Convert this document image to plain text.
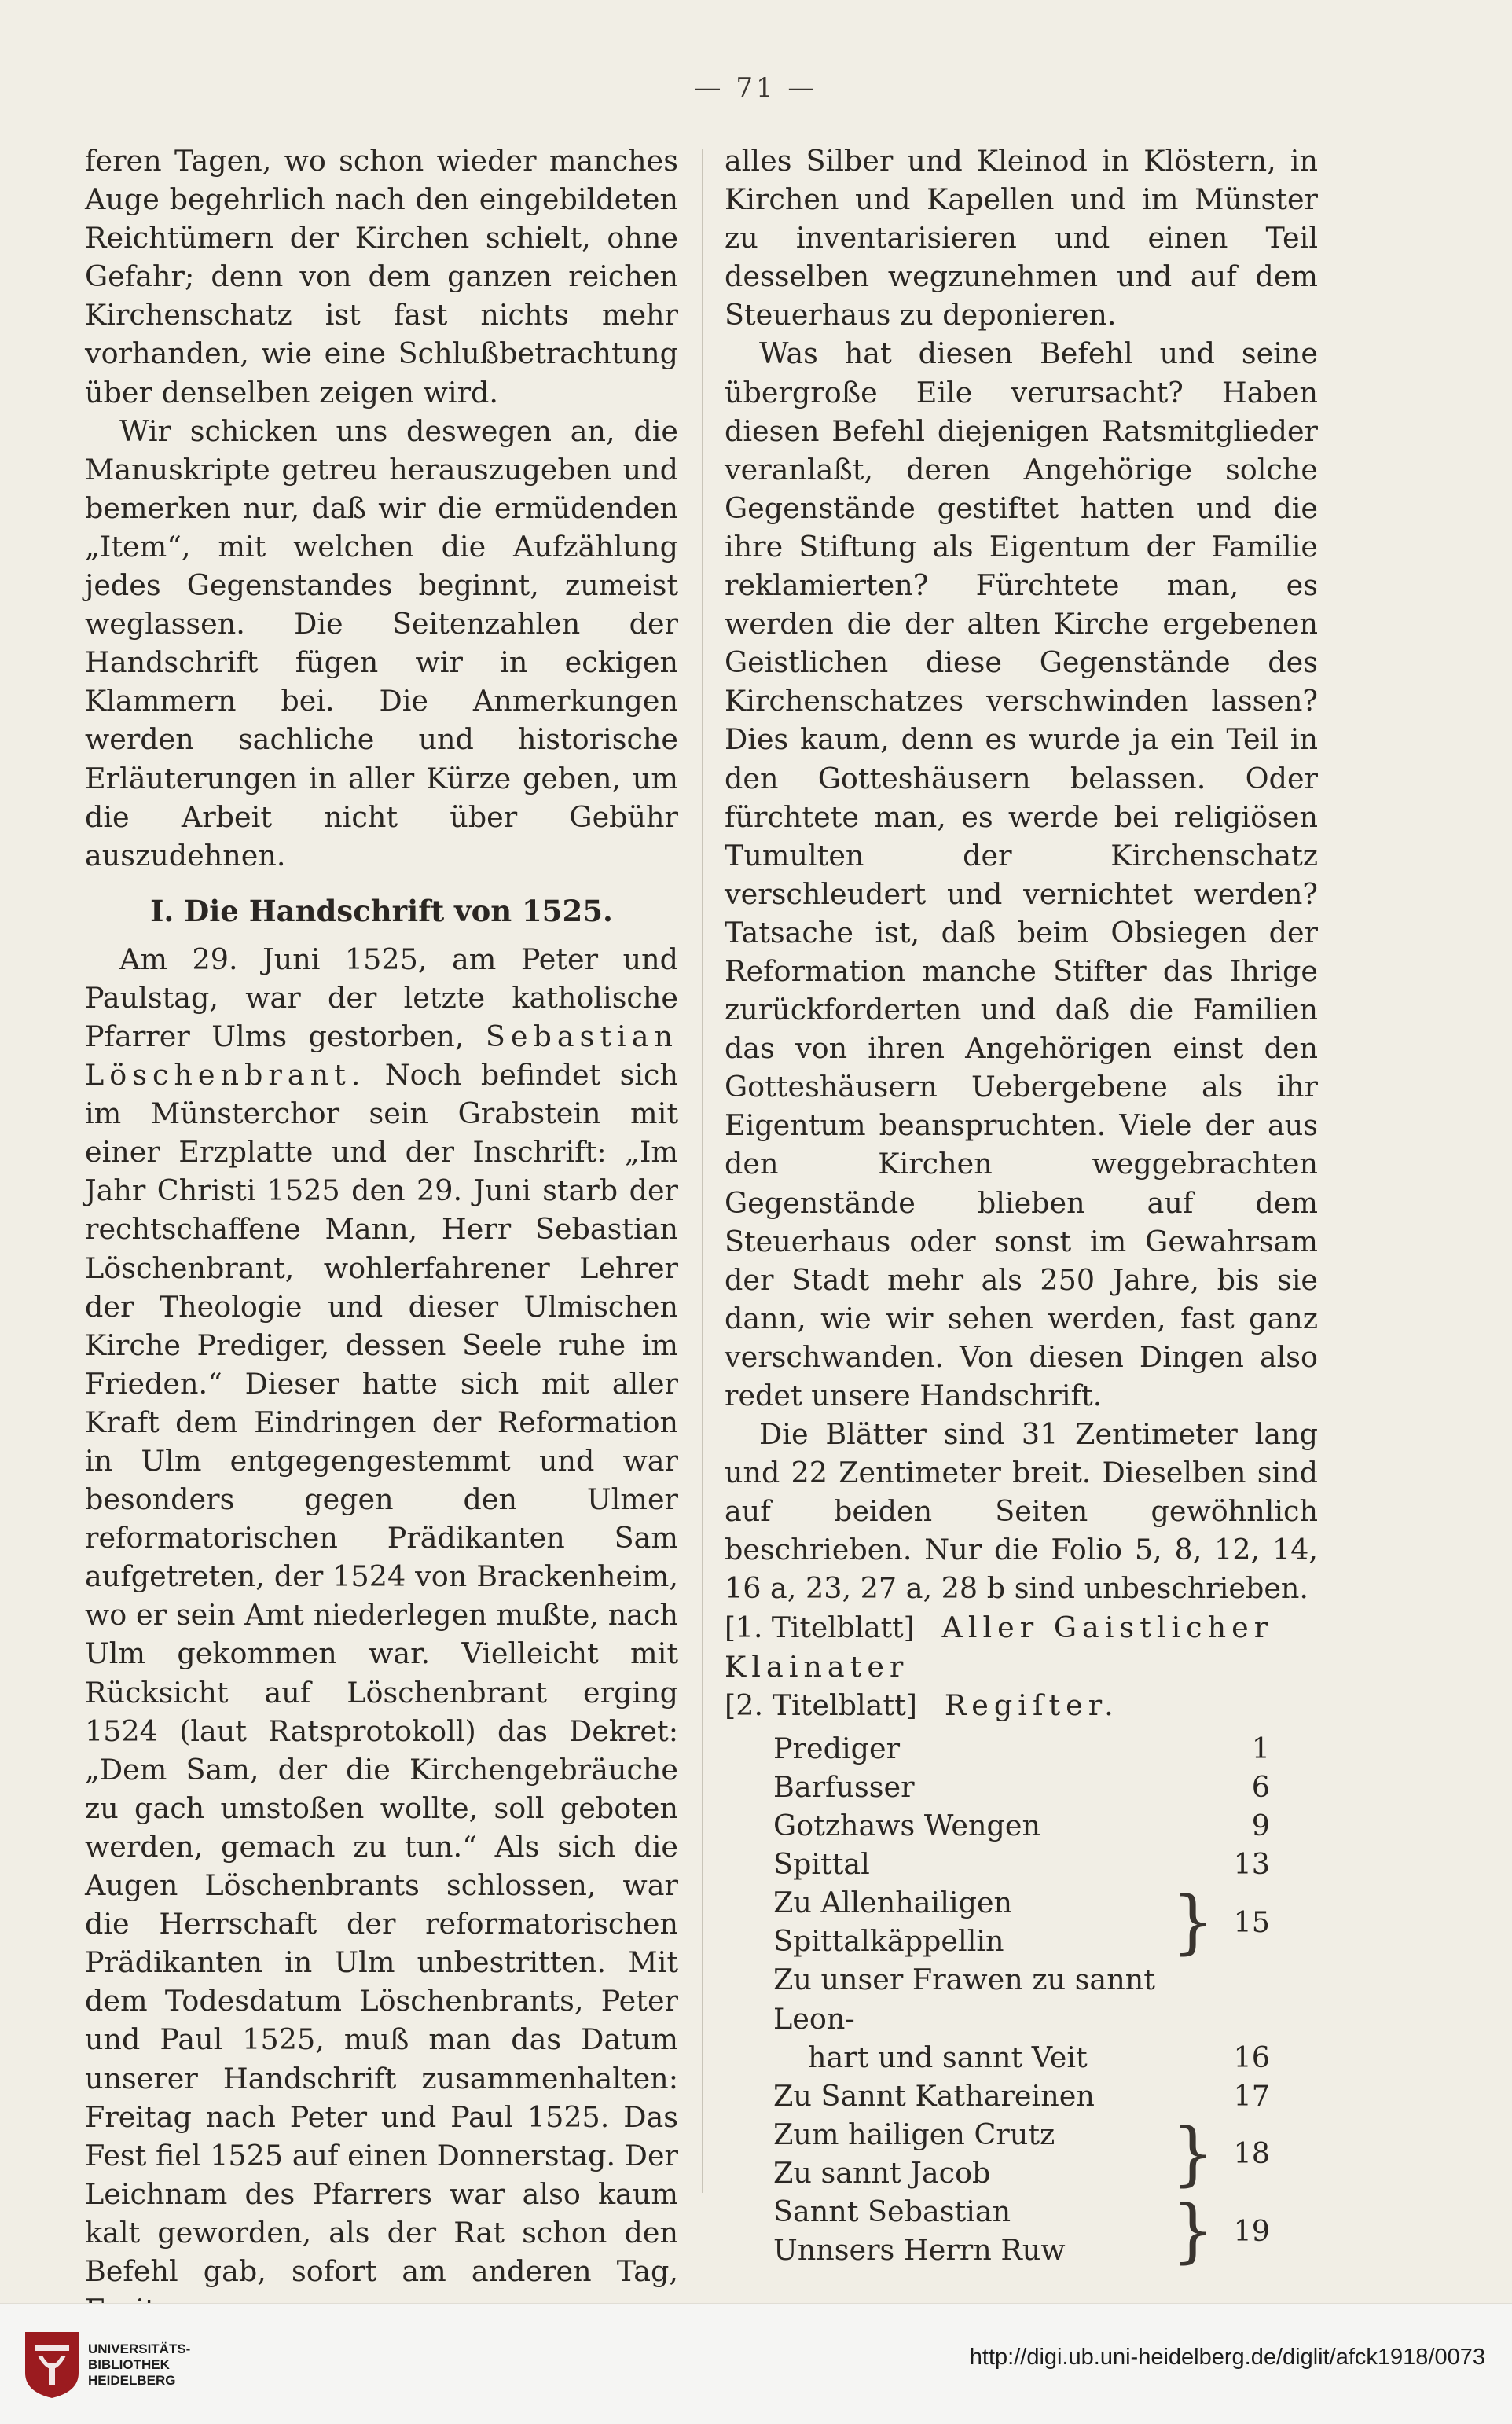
— 71 —

feren Tagen, wo schon wieder manches Auge begehrlich nach den eingebildeten Reichtümern der Kirchen schielt, ohne Gefahr; denn von dem ganzen reichen Kirchenschatz ist fast nichts mehr vorhanden, wie eine Schlußbetrachtung über denselben zeigen wird.

Wir schicken uns deswegen an, die Manuskripte getreu herauszugeben und bemerken nur, daß wir die ermüdenden „Item“, mit welchen die Aufzählung jedes Gegenstandes beginnt, zumeist weglassen. Die Seitenzahlen der Handschrift fügen wir in eckigen Klammern bei. Die Anmerkungen werden sachliche und historische Erläuterungen in aller Kürze geben, um die Arbeit nicht über Gebühr auszudehnen.

I. Die Handschrift von 1525.

Am 29. Juni 1525, am Peter und Paulstag, war der letzte katholische Pfarrer Ulms gestorben, Sebastian Löschenbrant. Noch befindet sich im Münsterchor sein Grabstein mit einer Erzplatte und der Inschrift: „Im Jahr Christi 1525 den 29. Juni starb der rechtschaffene Mann, Herr Sebastian Löschenbrant, wohlerfahrener Lehrer der Theologie und dieser Ulmischen Kirche Prediger, dessen Seele ruhe im Frieden.“ Dieser hatte sich mit aller Kraft dem Eindringen der Reformation in Ulm entgegengestemmt und war besonders gegen den Ulmer reformatorischen Prädikanten Sam aufgetreten, der 1524 von Brackenheim, wo er sein Amt niederlegen mußte, nach Ulm gekommen war. Vielleicht mit Rücksicht auf Löschenbrant erging 1524 (laut Ratsprotokoll) das Dekret: „Dem Sam, der die Kirchengebräuche zu gach umstoßen wollte, soll geboten werden, gemach zu tun.“ Als sich die Augen Löschenbrants schlossen, war die Herrschaft der reformatorischen Prädikanten in Ulm unbestritten. Mit dem Todesdatum Löschenbrants, Peter und Paul 1525, muß man das Datum unserer Handschrift zusammenhalten: Freitag nach Peter und Paul 1525. Das Fest fiel 1525 auf einen Donnerstag. Der Leichnam des Pfarrers war also kaum kalt geworden, als der Rat schon den Befehl gab, sofort am anderen Tag,

alles Silber und Kleinod in Klöstern, in Kirchen und Kapellen und im Münster zu inventarisieren und einen Teil desselben wegzunehmen und auf dem Steuerhaus zu deponieren.

Was hat diesen Befehl und seine übergroße Eile verursacht? Haben diesen Befehl diejenigen Ratsmitglieder veranlaßt, deren Angehörige solche Gegenstände gestiftet hatten und die ihre Stiftung als Eigentum der Familie reklamierten? Fürchtete man, es werden die der alten Kirche ergebenen Geistlichen diese Gegenstände des Kirchenschatzes verschwinden lassen? Dies kaum, denn es wurde ja ein Teil in den Gotteshäusern belassen. Oder fürchtete man, es werde bei religiösen Tumulten der Kirchenschatz verschleudert und vernichtet werden? Tatsache ist, daß beim Obsiegen der Reformation manche Stifter das Ihrige zurückforderten und daß die Familien das von ihren Angehörigen einst den Gotteshäusern Uebergebene als ihr Eigentum beanspruchten. Viele der aus den Kirchen weggebrachten Gegenstände blieben auf dem Steuerhaus oder sonst im Gewahrsam der Stadt mehr als 250 Jahre, bis sie dann, wie wir sehen werden, fast ganz verschwanden. Von diesen Dingen also redet unsere Handschrift.

Die Blätter sind 31 Zentimeter lang und 22 Zentimeter breit. Dieselben sind auf beiden Seiten gewöhnlich beschrieben. Nur die Folio 5, 8, 12, 14, 16 a, 23, 27 a, 28 b sind unbeschrieben.

[1. Titelblatt] Aller Gaistlicher

Klainater

[2. Titelblatt] Regiſter.

Prediger		1
Barfusser		6
Gotzhaws Wengen		9
Spittal		13
Zu Allenhailigen	}	15
Spittalkäppellin		
Zu unser Frawen zu sannt Leon-		
hart und sannt Veit		16
Zu Sannt Kathareinen		17
Zum hailigen Crutz	}	18
Zu sannt Jacob		
Sannt Sebastian	}	19
Unnsers Herrn Ruw		
UNIVERSITÄTS-
BIBLIOTHEK
HEIDELBERG
http://digi.ub.uni-heidelberg.de/diglit/afck1918/0073
